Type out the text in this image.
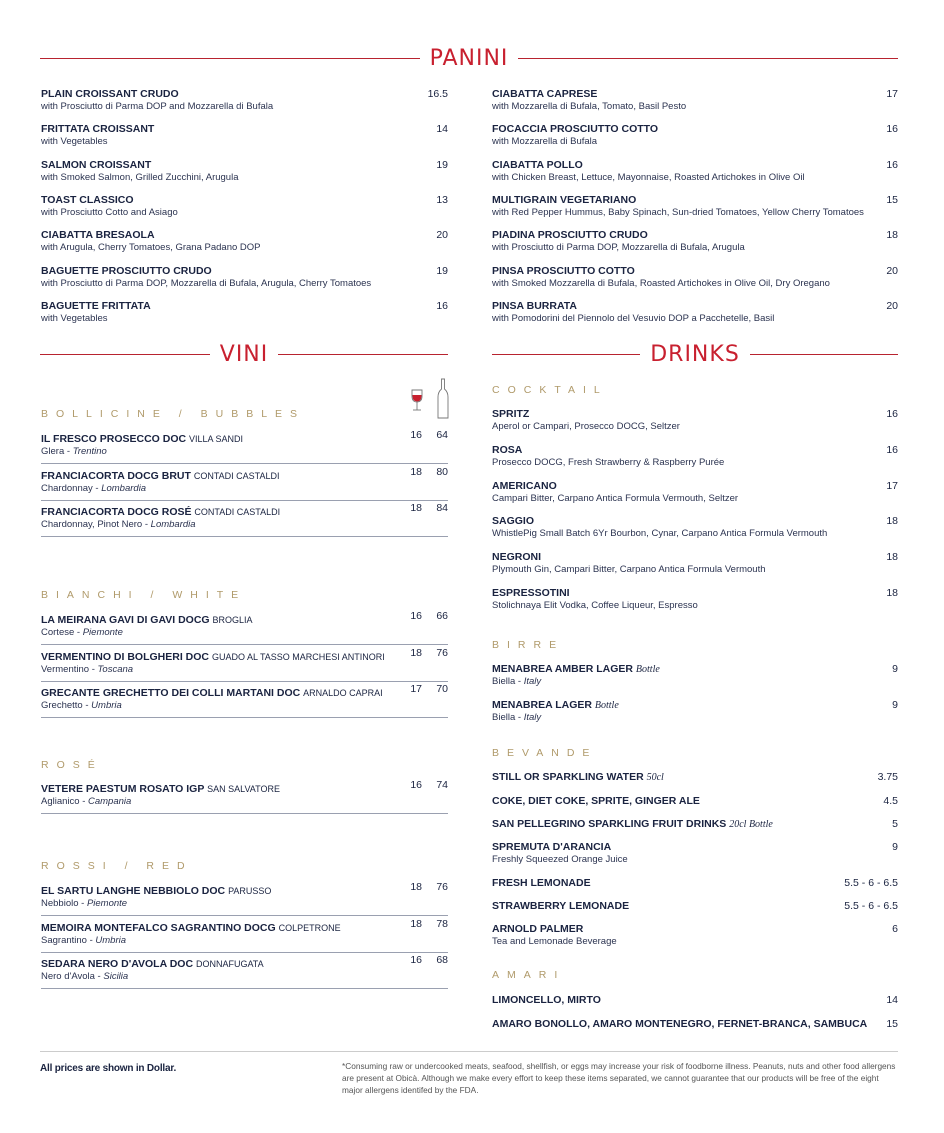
PANINI
PLAIN CROISSANT CRUDO
with Prosciutto di Parma DOP and Mozzarella di Bufala
16.5
FRITTATA CROISSANT
with Vegetables
14
SALMON CROISSANT
with Smoked Salmon, Grilled Zucchini, Arugula
19
TOAST CLASSICO
with Prosciutto Cotto and Asiago
13
CIABATTA BRESAOLA
with Arugula, Cherry Tomatoes, Grana Padano DOP
20
BAGUETTE PROSCIUTTO CRUDO
with Prosciutto di Parma DOP, Mozzarella di Bufala, Arugula, Cherry Tomatoes
19
BAGUETTE FRITTATA
with Vegetables
16
CIABATTA CAPRESE
with Mozzarella di Bufala, Tomato, Basil Pesto
17
FOCACCIA PROSCIUTTO COTTO
with Mozzarella di Bufala
16
CIABATTA POLLO
with Chicken Breast, Lettuce, Mayonnaise, Roasted Artichokes in Olive Oil
16
MULTIGRAIN VEGETARIANO
with Red Pepper Hummus, Baby Spinach, Sun-dried Tomatoes, Yellow Cherry Tomatoes
15
PIADINA PROSCIUTTO CRUDO
with Prosciutto di Parma DOP, Mozzarella di Bufala, Arugula
18
PINSA PROSCIUTTO COTTO
with Smoked Mozzarella di Bufala, Roasted Artichokes in Olive Oil, Dry Oregano
20
PINSA BURRATA
with Pomodorini del Piennolo del Vesuvio DOP a Pacchetelle, Basil
20
VINI	DRINKS
BOLLICINE / BUBBLES
IL FRESCO PROSECCO DOC VILLA SANDI
Glera - Trentino
16 64
FRANCIACORTA DOCG BRUT CONTADI CASTALDI
Chardonnay - Lombardia
18 80
FRANCIACORTA DOCG ROSÉ CONTADI CASTALDI
Chardonnay, Pinot Nero - Lombardia
18 84
BIANCHI / WHITE
LA MEIRANA GAVI DI GAVI DOCG BROGLIA
Cortese - Piemonte
16 66
VERMENTINO DI BOLGHERI DOC GUADO AL TASSO MARCHESI ANTINORI
Vermentino - Toscana
18 76
GRECANTE GRECHETTO DEI COLLI MARTANI DOC ARNALDO CAPRAI
Grechetto - Umbria
17 70
ROSÉ
VETERE PAESTUM ROSATO IGP SAN SALVATORE
Aglianico - Campania
16 74
ROSSI / RED
EL SARTU LANGHE NEBBIOLO DOC PARUSSO
Nebbiolo - Piemonte
18 76
MEMOIRA MONTEFALCO SAGRANTINO DOCG COLPETRONE
Sagrantino - Umbria
18 78
SEDARA NERO D'AVOLA DOC DONNAFUGATA
Nero d'Avola - Sicilia
16 68
COCKTAIL
SPRITZ
Aperol or Campari, Prosecco DOCG, Seltzer
16
ROSA
Prosecco DOCG, Fresh Strawberry & Raspberry Purée
16
AMERICANO
Campari Bitter, Carpano Antica Formula Vermouth, Seltzer
17
SAGGIO
WhistlePig Small Batch 6Yr Bourbon, Cynar, Carpano Antica Formula Vermouth
18
NEGRONI
Plymouth Gin, Campari Bitter, Carpano Antica Formula Vermouth
18
ESPRESSOTINI
Stolichnaya Elit Vodka, Coffee Liqueur, Espresso
18
BIRRE
MENABREA AMBER LAGER Bottle
Biella - Italy
9
MENABREA LAGER Bottle
Biella - Italy
9
BEVANDE
STILL OR SPARKLING WATER 50cl	3.75
COKE, DIET COKE, SPRITE, GINGER ALE	4.5
SAN PELLEGRINO SPARKLING FRUIT DRINKS 20cl Bottle	5
SPREMUTA D'ARANCIA
Freshly Squeezed Orange Juice
9
FRESH LEMONADE	5.5 - 6 - 6.5
STRAWBERRY LEMONADE	5.5 - 6 - 6.5
ARNOLD PALMER
Tea and Lemonade Beverage
6
AMARI
LIMONCELLO, MIRTO	14
AMARO BONOLLO, AMARO MONTENEGRO, FERNET-BRANCA, SAMBUCA 15
All prices are shown in Dollar.	*Consuming raw or undercooked meats, seafood, shellfish, or eggs may increase your risk of foodborne illness. Peanuts, nuts and other food allergens are present at Obicà. Although we make every effort to keep these items separated, we cannot guarantee that our products will be free of the eight major allergens identifed by the FDA.
